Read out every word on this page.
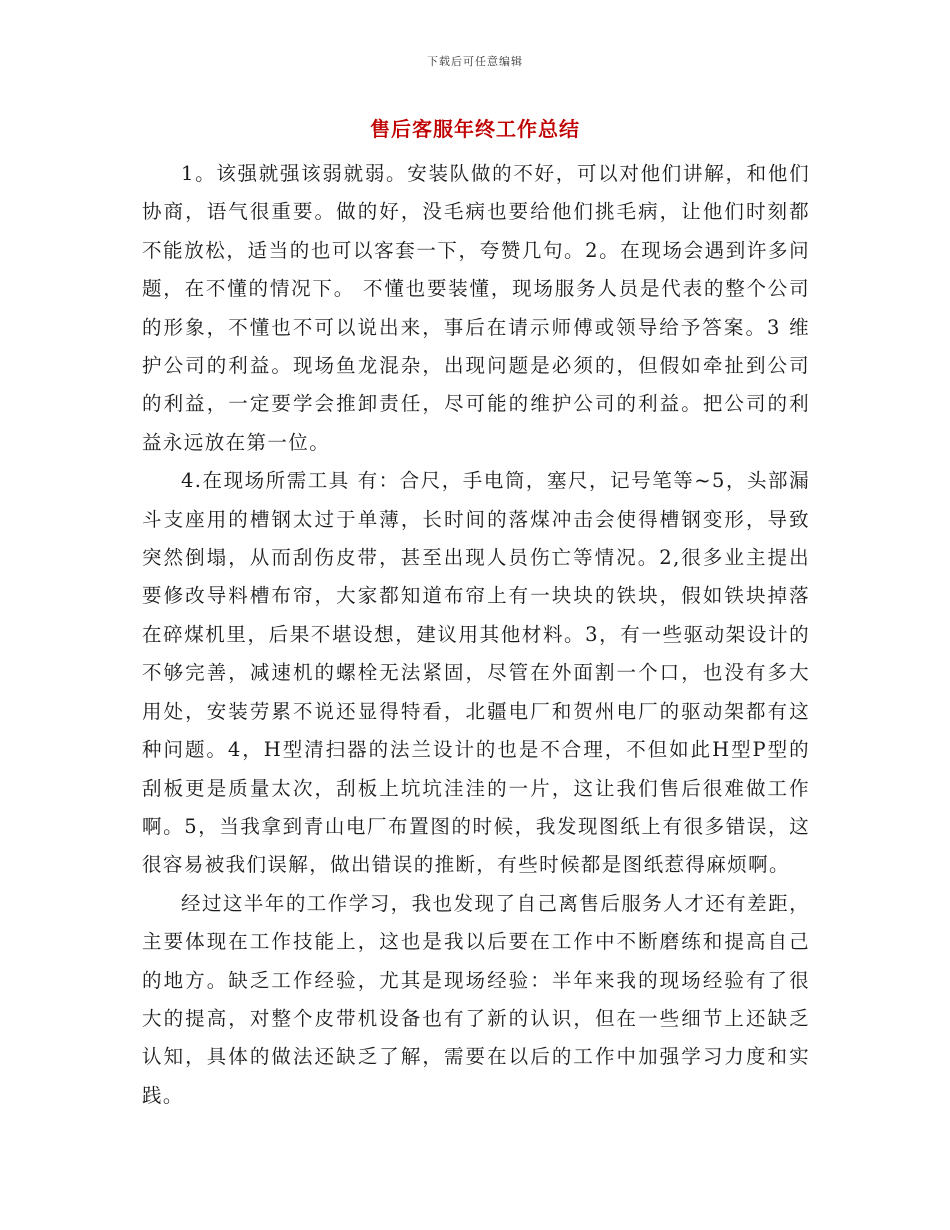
下载后可任意编辑
售后客服年终工作总结

1。该强就强该弱就弱。安装队做的不好，可以对他们讲解，和他们协商，语气很重要。做的好，没毛病也要给他们挑毛病，让他们时刻都不能放松，适当的也可以客套一下，夸赞几句。2。在现场会遇到许多问题，在不懂的情况下。 不懂也要装懂，现场服务人员是代表的整个公司的形象，不懂也不可以说出来，事后在请示师傅或领导给予答案。3 维护公司的利益。现场鱼龙混杂，出现问题是必须的，但假如牵扯到公司的利益，一定要学会推卸责任，尽可能的维护公司的利益。把公司的利益永远放在第一位。

4.在现场所需工具 有：合尺，手电筒，塞尺，记号笔等~5，头部漏斗支座用的槽钢太过于单薄，长时间的落煤冲击会使得槽钢变形，导致突然倒塌，从而刮伤皮带，甚至出现人员伤亡等情况。2,很多业主提出要修改导料槽布帘，大家都知道布帘上有一块块的铁块，假如铁块掉落在碎煤机里，后果不堪设想，建议用其他材料。3，有一些驱动架设计的不够完善，减速机的螺栓无法紧固，尽管在外面割一个口，也没有多大用处，安装劳累不说还显得特看，北疆电厂和贺州电厂的驱动架都有这种问题。4，H型清扫器的法兰设计的也是不合理，不但如此H型P型的刮板更是质量太次，刮板上坑坑洼洼的一片，这让我们售后很难做工作啊。5，当我拿到青山电厂布置图的时候，我发现图纸上有很多错误，这很容易被我们误解，做出错误的推断，有些时候都是图纸惹得麻烦啊。

经过这半年的工作学习，我也发现了自己离售后服务人才还有差距，主要体现在工作技能上，这也是我以后要在工作中不断磨练和提高自己的地方。缺乏工作经验，尤其是现场经验：半年来我的现场经验有了很大的提高，对整个皮带机设备也有了新的认识，但在一些细节上还缺乏认知，具体的做法还缺乏了解，需要在以后的工作中加强学习力度和实践。
